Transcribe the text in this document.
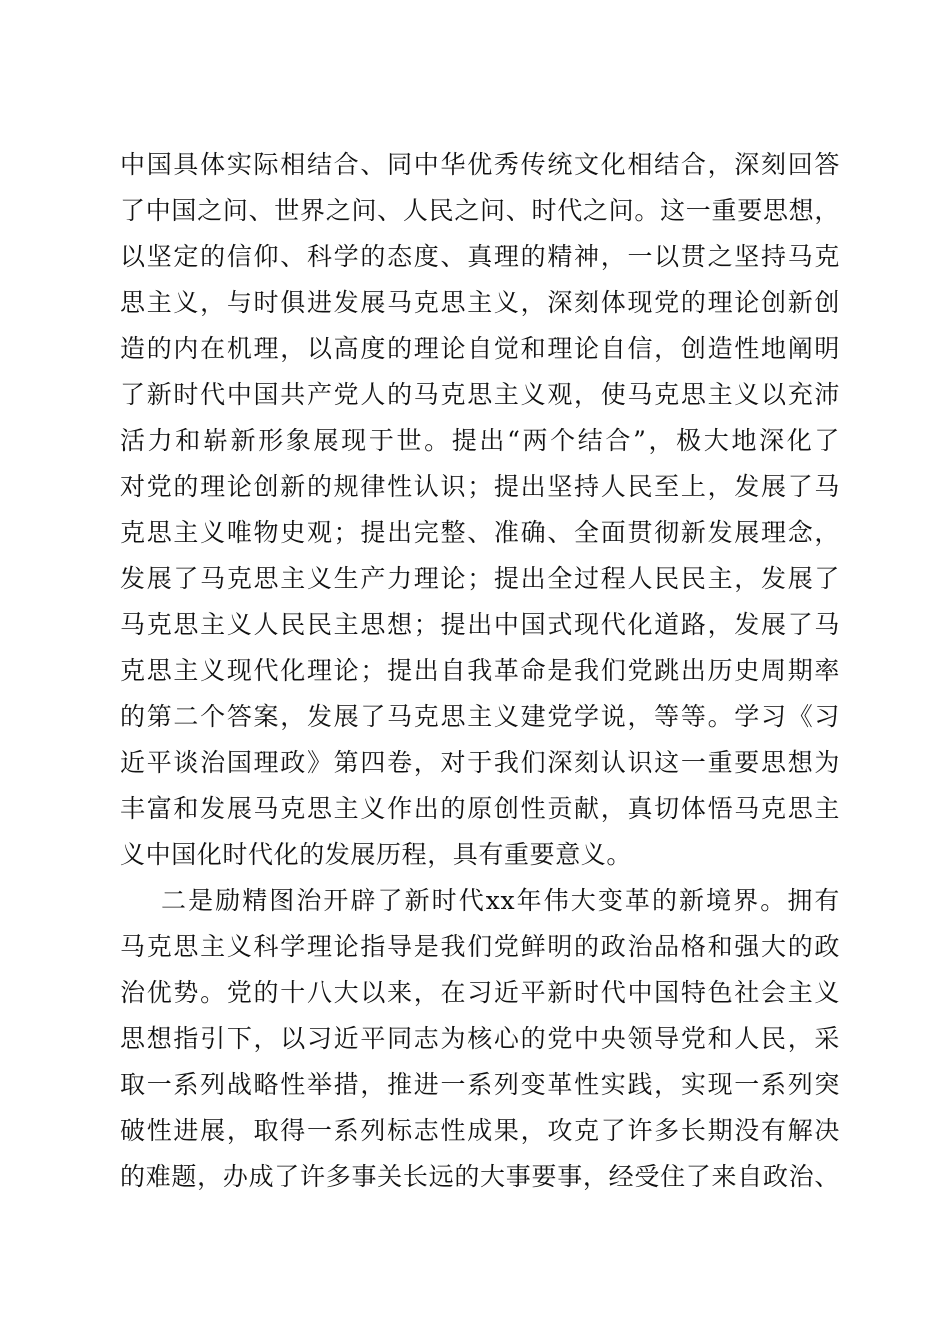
中国具体实际相结合、同中华优秀传统文化相结合，深刻回答
了中国之问、世界之问、人民之问、时代之问。这一重要思想，
以坚定的信仰、科学的态度、真理的精神，一以贯之坚持马克
思主义，与时俱进发展马克思主义，深刻体现党的理论创新创
造的内在机理，以高度的理论自觉和理论自信，创造性地阐明
了新时代中国共产党人的马克思主义观，使马克思主义以充沛
活力和崭新形象展现于世。提出“两个结合”，极大地深化了
对党的理论创新的规律性认识；提出坚持人民至上，发展了马
克思主义唯物史观；提出完整、准确、全面贯彻新发展理念，
发展了马克思主义生产力理论；提出全过程人民民主，发展了
马克思主义人民民主思想；提出中国式现代化道路，发展了马
克思主义现代化理论；提出自我革命是我们党跳出历史周期率
的第二个答案，发展了马克思主义建党学说，等等。学习《习
近平谈治国理政》第四卷，对于我们深刻认识这一重要思想为
丰富和发展马克思主义作出的原创性贡献，真切体悟马克思主
义中国化时代化的发展历程，具有重要意义。
二是励精图治开辟了新时代xx年伟大变革的新境界。拥有
马克思主义科学理论指导是我们党鲜明的政治品格和强大的政
治优势。党的十八大以来，在习近平新时代中国特色社会主义
思想指引下，以习近平同志为核心的党中央领导党和人民，采
取一系列战略性举措，推进一系列变革性实践，实现一系列突
破性进展，取得一系列标志性成果，攻克了许多长期没有解决
的难题，办成了许多事关长远的大事要事，经受住了来自政治、
